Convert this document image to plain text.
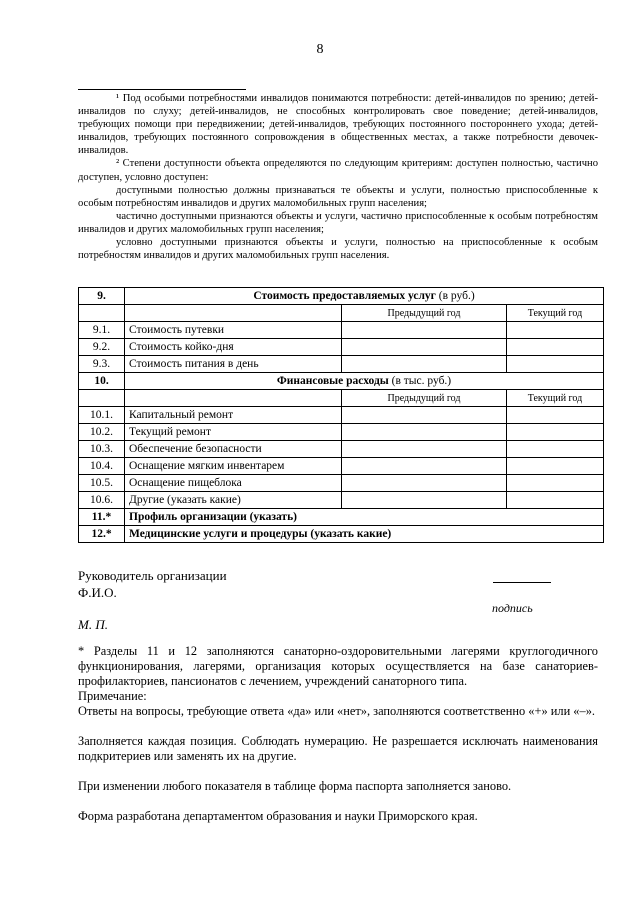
8

¹ Под особыми потребностями инвалидов понимаются потребности: детей-инвалидов по зрению; детей-инвалидов по слуху; детей-инвалидов, не способных контролировать свое поведение; детей-инвалидов, требующих помощи при передвижении; детей-инвалидов, требующих постоянного постороннего ухода; детей-инвалидов, требующих постоянного сопровождения в общественных местах, а также потребности девочек-инвалидов.

² Степени доступности объекта определяются по следующим критериям: доступен полностью, частично доступен, условно доступен:

доступными полностью должны признаваться те объекты и услуги, полностью приспособленные к особым потребностям инвалидов и других маломобильных групп населения;

частично доступными признаются объекты и услуги, частично приспособленные к особым потребностям инвалидов и других маломобильных групп населения;

условно доступными признаются объекты и услуги, полностью на приспособленные к особым потребностям инвалидов и других маломобильных групп населения.

9.	Стоимость предоставляемых услуг (в руб.)		
		Предыдущий год	Текущий год
9.1.	Стоимость путевки		
9.2.	Стоимость койко-дня		
9.3.	Стоимость питания в день		
10.	Финансовые расходы (в тыс. руб.)		
		Предыдущий год	Текущий год
10.1.	Капитальный ремонт		
10.2.	Текущий ремонт		
10.3.	Обеспечение безопасности		
10.4.	Оснащение мягким инвентарем		
10.5.	Оснащение пищеблока		
10.6.	Другие (указать какие)		
11.*	Профиль организации (указать)		
12.*	Медицинские услуги и процедуры (указать какие)		
Руководитель организации
Ф.И.О.
подпись
М. П.

* Разделы 11 и 12 заполняются санаторно-оздоровительными лагерями круглогодичного функционирования, лагерями, организация которых осуществляется на базе санаториев-профилакториев, пансионатов с лечением, учреждений санаторного типа.

Примечание:

Ответы на вопросы, требующие ответа «да» или «нет», заполняются соответственно «+» или «–».

Заполняется каждая позиция. Соблюдать нумерацию. Не разрешается исключать наименования подкритериев или заменять их на другие.

При изменении любого показателя в таблице форма паспорта заполняется заново.

Форма разработана департаментом образования и науки Приморского края.
